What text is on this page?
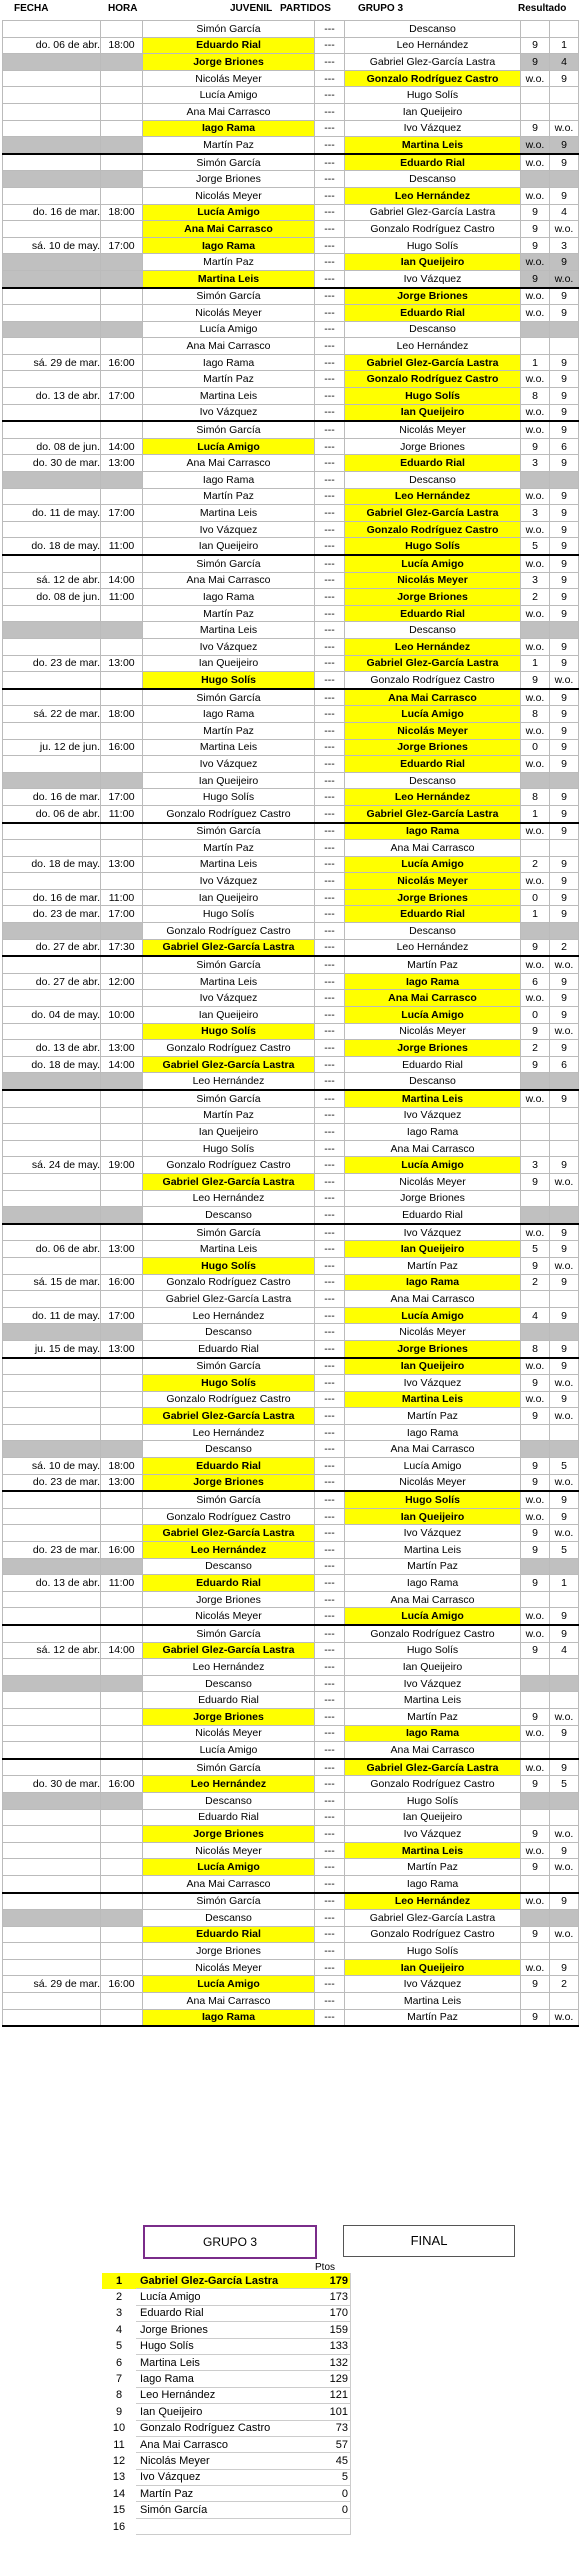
FECHA	HORA	JUVENIL PARTIDOS	GRUPO 3	Resultado
		Simón García	---	Descanso		
do. 06 de abr.	18:00	Eduardo Rial	---	Leo Hernández	9	1
		Jorge Briones	---	Gabriel Glez-García Lastra	9	4
		Nicolás Meyer	---	Gonzalo Rodríguez Castro	w.o.	9
		Lucía Amigo	---	Hugo Solís		
		Ana Mai Carrasco	---	Ian Queijeiro		
		Iago Rama	---	Ivo Vázquez	9	w.o.
		Martín Paz	---	Martina Leis	w.o.	9
		Simón García	---	Eduardo Rial	w.o.	9
		Jorge Briones	---	Descanso		
		Nicolás Meyer	---	Leo Hernández	w.o.	9
do. 16 de mar.	18:00	Lucía Amigo	---	Gabriel Glez-García Lastra	9	4
		Ana Mai Carrasco	---	Gonzalo Rodríguez Castro	9	w.o.
sá. 10 de may.	17:00	Iago Rama	---	Hugo Solís	9	3
		Martín Paz	---	Ian Queijeiro	w.o.	9
		Martina Leis	---	Ivo Vázquez	9	w.o.
		Simón García	---	Jorge Briones	w.o.	9
		Nicolás Meyer	---	Eduardo Rial	w.o.	9
		Lucía Amigo	---	Descanso		
		Ana Mai Carrasco	---	Leo Hernández		
sá. 29 de mar.	16:00	Iago Rama	---	Gabriel Glez-García Lastra	1	9
		Martín Paz	---	Gonzalo Rodríguez Castro	w.o.	9
do. 13 de abr.	17:00	Martina Leis	---	Hugo Solís	8	9
		Ivo Vázquez	---	Ian Queijeiro	w.o.	9
		Simón García	---	Nicolás Meyer	w.o.	9
do. 08 de jun.	14:00	Lucía Amigo	---	Jorge Briones	9	6
do. 30 de mar.	13:00	Ana Mai Carrasco	---	Eduardo Rial	3	9
		Iago Rama	---	Descanso		
		Martín Paz	---	Leo Hernández	w.o.	9
do. 11 de may.	17:00	Martina Leis	---	Gabriel Glez-García Lastra	3	9
		Ivo Vázquez	---	Gonzalo Rodríguez Castro	w.o.	9
do. 18 de may.	11:00	Ian Queijeiro	---	Hugo Solís	5	9
		Simón García	---	Lucía Amigo	w.o.	9
sá. 12 de abr.	14:00	Ana Mai Carrasco	---	Nicolás Meyer	3	9
do. 08 de jun.	11:00	Iago Rama	---	Jorge Briones	2	9
		Martín Paz	---	Eduardo Rial	w.o.	9
		Martina Leis	---	Descanso		
		Ivo Vázquez	---	Leo Hernández	w.o.	9
do. 23 de mar.	13:00	Ian Queijeiro	---	Gabriel Glez-García Lastra	1	9
		Hugo Solís	---	Gonzalo Rodríguez Castro	9	w.o.
		Simón García	---	Ana Mai Carrasco	w.o.	9
sá. 22 de mar.	18:00	Iago Rama	---	Lucía Amigo	8	9
		Martín Paz	---	Nicolás Meyer	w.o.	9
ju. 12 de jun.	16:00	Martina Leis	---	Jorge Briones	0	9
		Ivo Vázquez	---	Eduardo Rial	w.o.	9
		Ian Queijeiro	---	Descanso		
do. 16 de mar.	17:00	Hugo Solís	---	Leo Hernández	8	9
do. 06 de abr.	11:00	Gonzalo Rodríguez Castro	---	Gabriel Glez-García Lastra	1	9
		Simón García	---	Iago Rama	w.o.	9
		Martín Paz	---	Ana Mai Carrasco		
do. 18 de may.	13:00	Martina Leis	---	Lucía Amigo	2	9
		Ivo Vázquez	---	Nicolás Meyer	w.o.	9
do. 16 de mar.	11:00	Ian Queijeiro	---	Jorge Briones	0	9
do. 23 de mar.	17:00	Hugo Solís	---	Eduardo Rial	1	9
		Gonzalo Rodríguez Castro	---	Descanso		
do. 27 de abr.	17:30	Gabriel Glez-García Lastra	---	Leo Hernández	9	2
		Simón García	---	Martín Paz	w.o.	w.o.
do. 27 de abr.	12:00	Martina Leis	---	Iago Rama	6	9
		Ivo Vázquez	---	Ana Mai Carrasco	w.o.	9
do. 04 de may.	10:00	Ian Queijeiro	---	Lucía Amigo	0	9
		Hugo Solís	---	Nicolás Meyer	9	w.o.
do. 13 de abr.	13:00	Gonzalo Rodríguez Castro	---	Jorge Briones	2	9
do. 18 de may.	14:00	Gabriel Glez-García Lastra	---	Eduardo Rial	9	6
		Leo Hernández	---	Descanso		
		Simón García	---	Martina Leis	w.o.	9
		Martín Paz	---	Ivo Vázquez		
		Ian Queijeiro	---	Iago Rama		
		Hugo Solís	---	Ana Mai Carrasco		
sá. 24 de may.	19:00	Gonzalo Rodríguez Castro	---	Lucía Amigo	3	9
		Gabriel Glez-García Lastra	---	Nicolás Meyer	9	w.o.
		Leo Hernández	---	Jorge Briones		
		Descanso	---	Eduardo Rial		
		Simón García	---	Ivo Vázquez	w.o.	9
do. 06 de abr.	13:00	Martina Leis	---	Ian Queijeiro	5	9
		Hugo Solís	---	Martín Paz	9	w.o.
sá. 15 de mar.	16:00	Gonzalo Rodríguez Castro	---	Iago Rama	2	9
		Gabriel Glez-García Lastra	---	Ana Mai Carrasco		
do. 11 de may.	17:00	Leo Hernández	---	Lucía Amigo	4	9
		Descanso	---	Nicolás Meyer		
ju. 15 de may.	13:00	Eduardo Rial	---	Jorge Briones	8	9
		Simón García	---	Ian Queijeiro	w.o.	9
		Hugo Solís	---	Ivo Vázquez	9	w.o.
		Gonzalo Rodríguez Castro	---	Martina Leis	w.o.	9
		Gabriel Glez-García Lastra	---	Martín Paz	9	w.o.
		Leo Hernández	---	Iago Rama		
		Descanso	---	Ana Mai Carrasco		
sá. 10 de may.	18:00	Eduardo Rial	---	Lucía Amigo	9	5
do. 23 de mar.	13:00	Jorge Briones	---	Nicolás Meyer	9	w.o.
		Simón García	---	Hugo Solís	w.o.	9
		Gonzalo Rodríguez Castro	---	Ian Queijeiro	w.o.	9
		Gabriel Glez-García Lastra	---	Ivo Vázquez	9	w.o.
do. 23 de mar.	16:00	Leo Hernández	---	Martina Leis	9	5
		Descanso	---	Martín Paz		
do. 13 de abr.	11:00	Eduardo Rial	---	Iago Rama	9	1
		Jorge Briones	---	Ana Mai Carrasco		
		Nicolás Meyer	---	Lucía Amigo	w.o.	9
		Simón García	---	Gonzalo Rodríguez Castro	w.o.	9
sá. 12 de abr.	14:00	Gabriel Glez-García Lastra	---	Hugo Solís	9	4
		Leo Hernández	---	Ian Queijeiro		
		Descanso	---	Ivo Vázquez		
		Eduardo Rial	---	Martina Leis		
		Jorge Briones	---	Martín Paz	9	w.o.
		Nicolás Meyer	---	Iago Rama	w.o.	9
		Lucía Amigo	---	Ana Mai Carrasco		
		Simón García	---	Gabriel Glez-García Lastra	w.o.	9
do. 30 de mar.	16:00	Leo Hernández	---	Gonzalo Rodríguez Castro	9	5
		Descanso	---	Hugo Solís		
		Eduardo Rial	---	Ian Queijeiro		
		Jorge Briones	---	Ivo Vázquez	9	w.o.
		Nicolás Meyer	---	Martina Leis	w.o.	9
		Lucía Amigo	---	Martín Paz	9	w.o.
		Ana Mai Carrasco	---	Iago Rama		
		Simón García	---	Leo Hernández	w.o.	9
		Descanso	---	Gabriel Glez-García Lastra		
		Eduardo Rial	---	Gonzalo Rodríguez Castro	9	w.o.
		Jorge Briones	---	Hugo Solís		
		Nicolás Meyer	---	Ian Queijeiro	w.o.	9
sá. 29 de mar.	16:00	Lucía Amigo	---	Ivo Vázquez	9	2
		Ana Mai Carrasco	---	Martina Leis		
		Iago Rama	---	Martín Paz	9	w.o.
GRUPO 3	FINAL
Ptos
1	Gabriel Glez-García Lastra	179
2	Lucía Amigo	173
3	Eduardo Rial	170
4	Jorge Briones	159
5	Hugo Solís	133
6	Martina Leis	132
7	Iago Rama	129
8	Leo Hernández	121
9	Ian Queijeiro	101
10	Gonzalo Rodríguez Castro	73
11	Ana Mai Carrasco	57
12	Nicolás Meyer	45
13	Ivo Vázquez	5
14	Martín Paz	0
15	Simón García	0
16		
